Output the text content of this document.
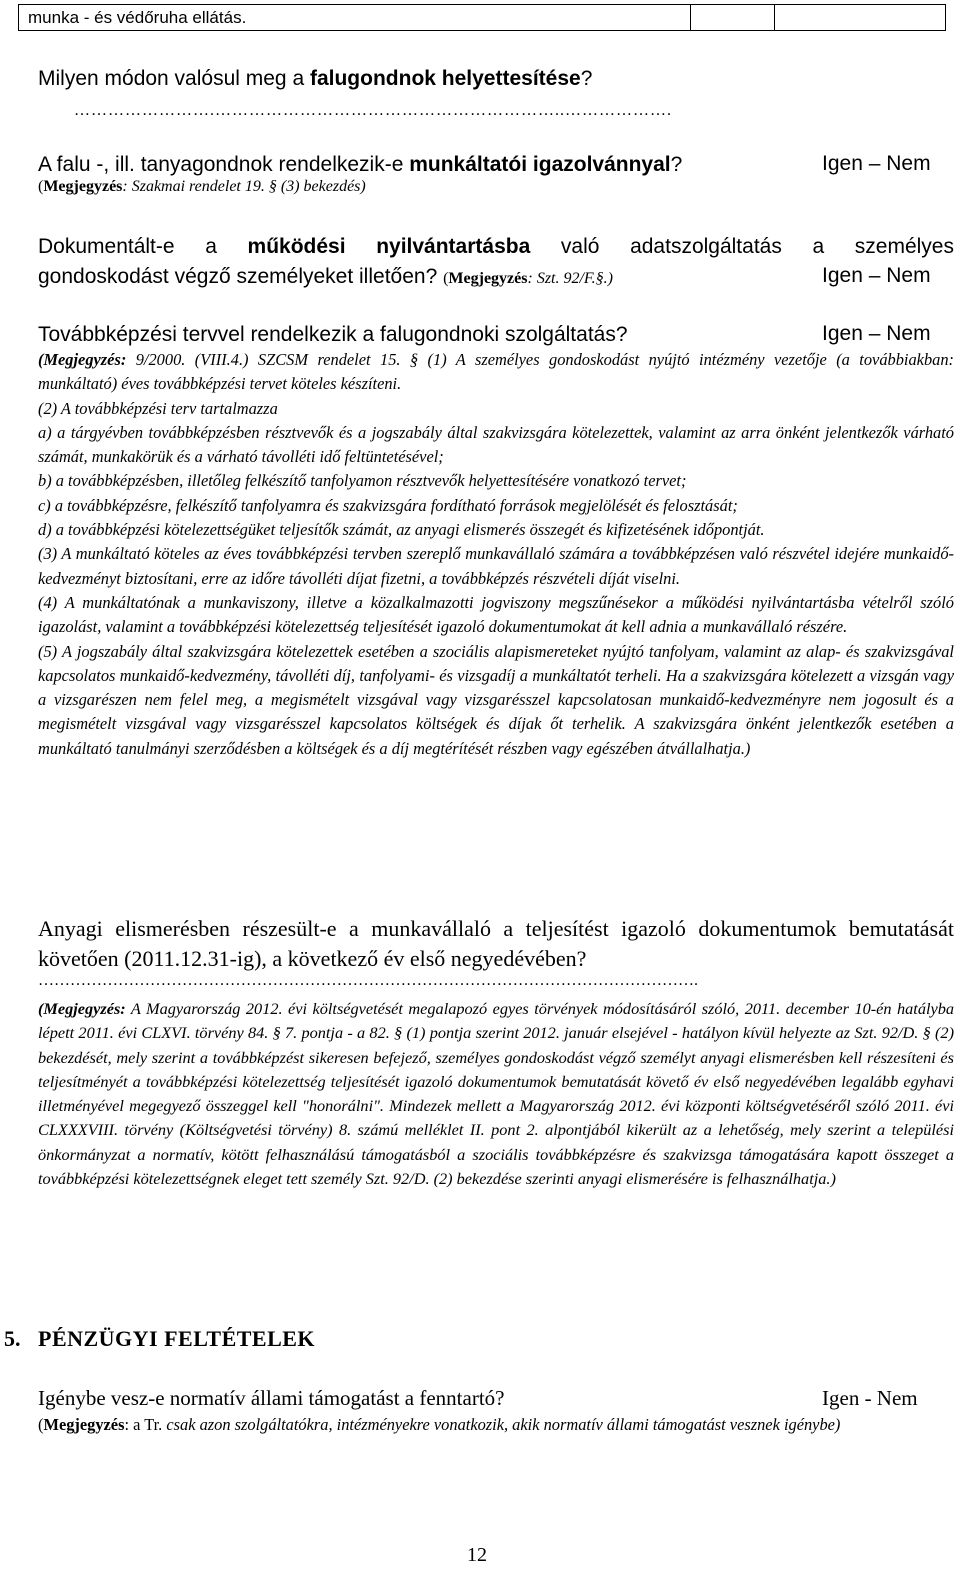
munka - és védőruha ellátás.
Milyen módon valósul meg a falugondnok helyettesítése?
…………………….……………………………………………………..……………….
A falu -, ill. tanyagondnok rendelkezik-e munkáltatói igazolvánnyal?	Igen – Nem
(Megjegyzés: Szakmai rendelet 19. § (3) bekezdés)
Dokumentált-e a működési nyilvántartásba való adatszolgáltatás a személyes
gondoskodást végző személyeket illetően? (Megjegyzés: Szt. 92/F.§.)	Igen – Nem
Továbbképzési tervvel rendelkezik a falugondnoki szolgáltatás?	Igen – Nem

(Megjegyzés: 9/2000. (VIII.4.) SZCSM rendelet 15. § (1) A személyes gondoskodást nyújtó intézmény vezetője (a továbbiakban: munkáltató) éves továbbképzési tervet köteles készíteni.

(2) A továbbképzési terv tartalmazza

a) a tárgyévben továbbképzésben résztvevők és a jogszabály által szakvizsgára kötelezettek, valamint az arra önként jelentkezők várható számát, munkakörük és a várható távolléti idő feltüntetésével;

b) a továbbképzésben, illetőleg felkészítő tanfolyamon résztvevők helyettesítésére vonatkozó tervet;

c) a továbbképzésre, felkészítő tanfolyamra és szakvizsgára fordítható források megjelölését és felosztását;

d) a továbbképzési kötelezettségüket teljesítők számát, az anyagi elismerés összegét és kifizetésének időpontját.

(3) A munkáltató köteles az éves továbbképzési tervben szereplő munkavállaló számára a továbbképzésen való részvétel idejére munkaidő-kedvezményt biztosítani, erre az időre távolléti díjat fizetni, a továbbképzés részvételi díját viselni.

(4) A munkáltatónak a munkaviszony, illetve a közalkalmazotti jogviszony megszűnésekor a működési nyilvántartásba vételről szóló igazolást, valamint a továbbképzési kötelezettség teljesítését igazoló dokumentumokat át kell adnia a munkavállaló részére.

(5) A jogszabály által szakvizsgára kötelezettek esetében a szociális alapismereteket nyújtó tanfolyam, valamint az alap- és szakvizsgával kapcsolatos munkaidő-kedvezmény, távolléti díj, tanfolyami- és vizsgadíj a munkáltatót terheli. Ha a szakvizsgára kötelezett a vizsgán vagy a vizsgarészen nem felel meg, a megismételt vizsgával vagy vizsgarésszel kapcsolatosan munkaidő-kedvezményre nem jogosult és a megismételt vizsgával vagy vizsgarésszel kapcsolatos költségek és díjak őt terhelik. A szakvizsgára önként jelentkezők esetében a munkáltató tanulmányi szerződésben a költségek és a díj megtérítését részben vagy egészében átvállalhatja.)

Anyagi elismerésben részesült-e a munkavállaló a teljesítést igazoló dokumentumok bemutatását követően (2011.12.31-ig), a következő év első negyedévében?
…………………………………………………………………………………………………………….

(Megjegyzés: A Magyarország 2012. évi költségvetését megalapozó egyes törvények módosításáról szóló, 2011. december 10-én hatályba lépett 2011. évi CLXVI. törvény 84. § 7. pontja - a 82. § (1) pontja szerint 2012. január elsejével - hatályon kívül helyezte az Szt. 92/D. § (2) bekezdését, mely szerint a továbbképzést sikeresen befejező, személyes gondoskodást végző személyt anyagi elismerésben kell részesíteni és teljesítményét a továbbképzési kötelezettség teljesítését igazoló dokumentumok bemutatását követő év első negyedévében legalább egyhavi illetményével megegyező összeggel kell "honorálni". Mindezek mellett a Magyarország 2012. évi központi költségvetéséről szóló 2011. évi CLXXXVIII. törvény (Költségvetési törvény) 8. számú melléklet II. pont 2. alpontjából kikerült az a lehetőség, mely szerint a települési önkormányzat a normatív, kötött felhasználású támogatásból a szociális továbbképzésre és szakvizsga támogatására kapott összeget a továbbképzési kötelezettségnek eleget tett személy Szt. 92/D. (2) bekezdése szerinti anyagi elismerésére is felhasználhatja.)

5. PÉNZÜGYI FELTÉTELEK
Igénybe vesz-e normatív állami támogatást a fenntartó?	Igen - Nem
(Megjegyzés: a Tr. csak azon szolgáltatókra, intézményekre vonatkozik, akik normatív állami támogatást vesznek igénybe)
12
